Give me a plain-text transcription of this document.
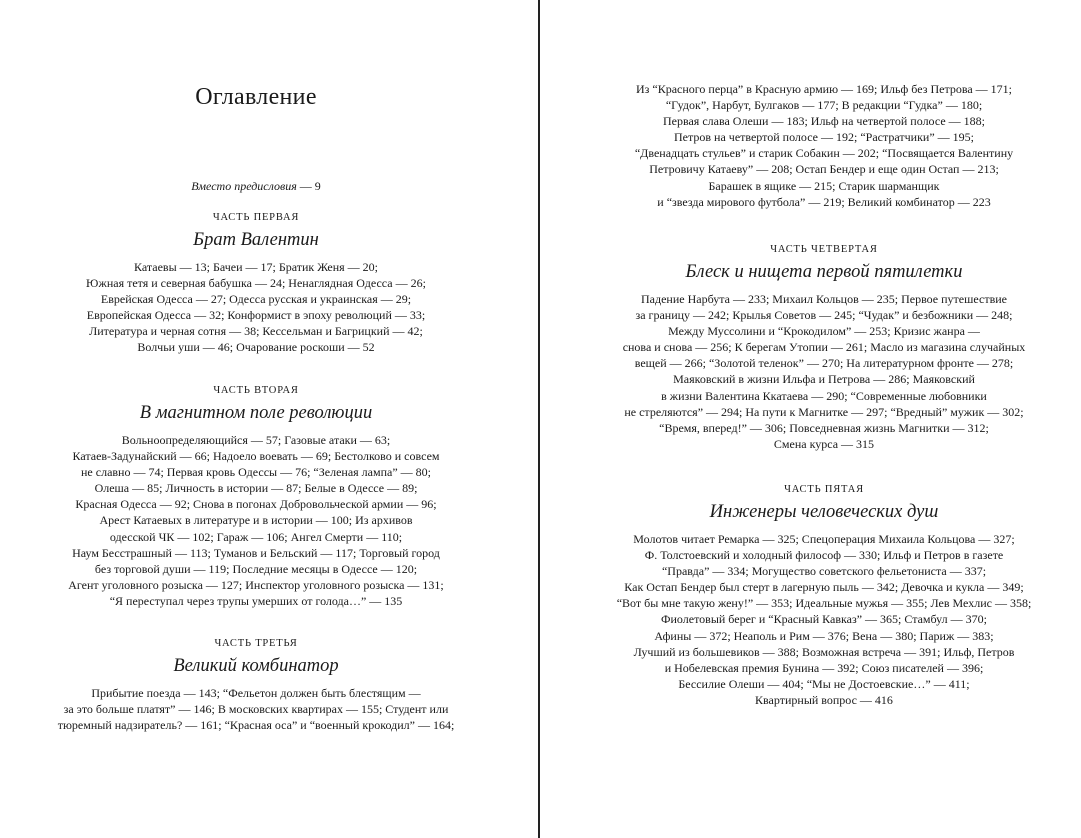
Оглавление
Вместо предисловия — 9
ЧАСТЬ ПЕРВАЯ
Брат Валентин
Катаевы — 13; Бачеи — 17; Братик Женя — 20;
Южная тетя и северная бабушка — 24; Ненаглядная Одесса — 26;
Еврейская Одесса — 27; Одесса русская и украинская — 29;
Европейская Одесса — 32; Конформист в эпоху революций — 33;
Литература и черная сотня — 38; Кессельман и Багрицкий — 42;
Волчьи уши — 46; Очарование роскоши — 52
ЧАСТЬ ВТОРАЯ
В магнитном поле революции
Вольноопределяющийся — 57; Газовые атаки — 63;
Катаев-Задунайский — 66; Надоело воевать — 69; Бестолково и совсем
не славно — 74; Первая кровь Одессы — 76; “Зеленая лампа” — 80;
Олеша — 85; Личность в истории — 87; Белые в Одессе — 89;
Красная Одесса — 92; Снова в погонах Добровольческой армии — 96;
Арест Катаевых в литературе и в истории — 100; Из архивов
одесской ЧК — 102; Гараж — 106; Ангел Смерти — 110;
Наум Бесстрашный — 113; Туманов и Бельский — 117; Торговый город
без торговой души — 119; Последние месяцы в Одессе — 120;
Агент уголовного розыска — 127; Инспектор уголовного розыска — 131;
“Я переступал через трупы умерших от голода…” — 135
ЧАСТЬ ТРЕТЬЯ
Великий комбинатор
Прибытие поезда — 143; “Фельетон должен быть блестящим —
за это больше платят” — 146; В московских квартирах — 155; Студент или
тюремный надзиратель? — 161; “Красная оса” и “военный крокодил” — 164;
Из “Красного перца” в Красную армию — 169; Ильф без Петрова — 171;
“Гудок”, Нарбут, Булгаков — 177; В редакции “Гудка” — 180;
Первая слава Олеши — 183; Ильф на четвертой полосе — 188;
Петров на четвертой полосе — 192; “Растратчики” — 195;
“Двенадцать стульев” и старик Собакин — 202; “Посвящается Валентину
Петровичу Катаеву” — 208; Остап Бендер и еще один Остап — 213;
Барашек в ящике — 215; Старик шарманщик
и “звезда мирового футбола” — 219; Великий комбинатор — 223
ЧАСТЬ ЧЕТВЕРТАЯ
Блеск и нищета первой пятилетки
Падение Нарбута — 233; Михаил Кольцов — 235; Первое путешествие
за границу — 242; Крылья Советов — 245; “Чудак” и безбожники — 248;
Между Муссолини и “Крокодилом” — 253; Кризис жанра —
снова и снова — 256; К берегам Утопии — 261; Масло из магазина случайных
вещей — 266; “Золотой теленок” — 270; На литературном фронте — 278;
Маяковский в жизни Ильфа и Петрова — 286; Маяковский
в жизни Валентина Ккатаева — 290; “Современные любовники
не стреляются” — 294; На пути к Магнитке — 297; “Вредный” мужик — 302;
“Время, вперед!” — 306; Повседневная жизнь Магнитки — 312;
Смена курса — 315
ЧАСТЬ ПЯТАЯ
Инженеры человеческих душ
Молотов читает Ремарка — 325; Спецоперация Михаила Кольцова — 327;
Ф. Толстоевский и холодный философ — 330; Ильф и Петров в газете
“Правда” — 334; Могущество советского фельетониста — 337;
Как Остап Бендер был стерт в лагерную пыль — 342; Девочка и кукла — 349;
“Вот бы мне такую жену!” — 353; Идеальные мужья — 355; Лев Мехлис — 358;
Фиолетовый берег и “Красный Кавказ” — 365; Стамбул — 370;
Афины — 372; Неаполь и Рим — 376; Вена — 380; Париж — 383;
Лучший из большевиков — 388; Возможная встреча — 391; Ильф, Петров
и Нобелевская премия Бунина — 392; Союз писателей — 396;
Бессилие Олеши — 404; “Мы не Достоевские…” — 411;
Квартирный вопрос — 416
